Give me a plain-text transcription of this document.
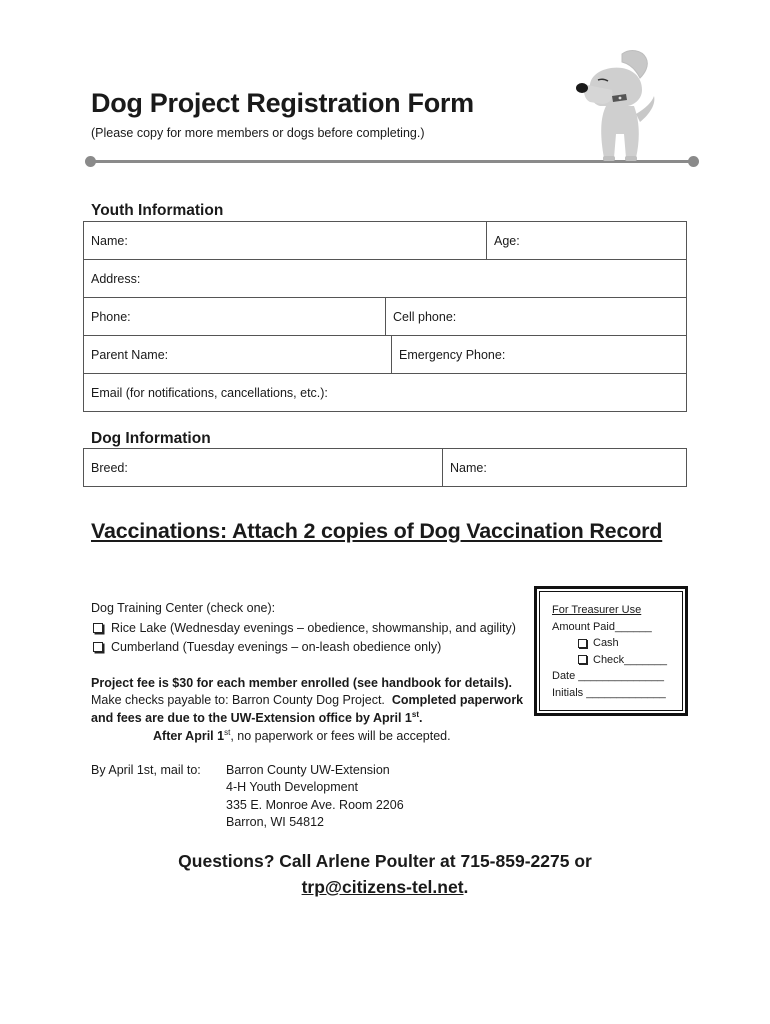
Dog Project Registration Form
(Please copy for more members or dogs before completing.)
Youth Information
Name:	Age:
Address:
Phone:	Cell phone:
Parent Name:	Emergency Phone:
Email (for notifications, cancellations, etc.):
Dog Information
Breed:	Name:
Vaccinations: Attach 2 copies of Dog Vaccination Record
Dog Training Center (check one):
Rice Lake (Wednesday evenings – obedience, showmanship, and agility)
Cumberland (Tuesday evenings – on-leash obedience only)
Project fee is $30 for each member enrolled (see handbook for details).
Make checks payable to: Barron County Dog Project. Completed paperwork
and fees are due to the UW-Extension office by April 1st.
After April 1st, no paperwork or fees will be accepted.
For Treasurer Use
Amount Paid______
Cash
Check_______
Date ______________
Initials _____________
By April 1st, mail to: Barron County UW-Extension
4-H Youth Development
335 E. Monroe Ave. Room 2206
Barron, WI 54812
Questions? Call Arlene Poulter at 715-859-2275 or
trp@citizens-tel.net.
